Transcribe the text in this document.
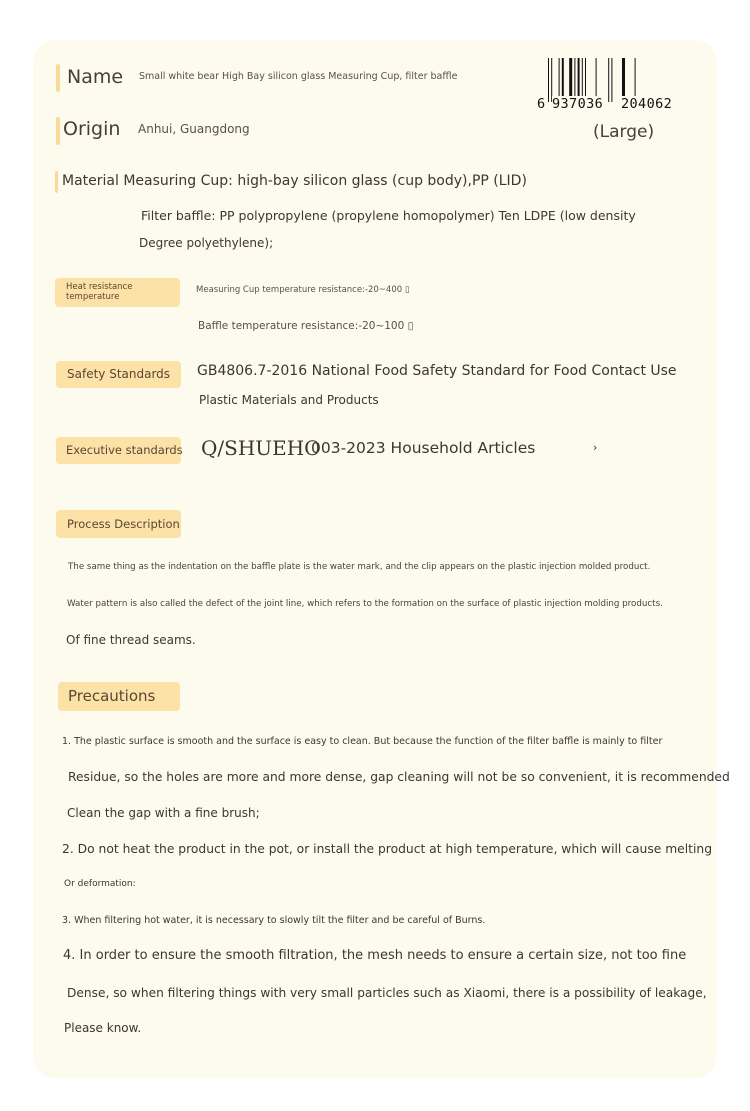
Name Small white bear High Bay silicon glass Measuring Cup, filter baffle
6 937036 204062
(Large)
Origin Anhui, Guangdong
Material Measuring Cup: high-bay silicon glass (cup body),PP (LID)
Filter baffle: PP polypropylene (propylene homopolymer) Ten LDPE (low density
Degree polyethylene);
Heat resistance temperature
Measuring Cup temperature resistance:-20~400 ▯
Baffle temperature resistance:-20~100 ▯
Safety Standards GB4806.7-2016 National Food Safety Standard for Food Contact Use
Plastic Materials and Products
Executive standards Q/SHUEHO
003-2023 Household Articles	›
Process Description
The same thing as the indentation on the baffle plate is the water mark, and the clip appears on the plastic injection molded product.
Water pattern is also called the defect of the joint line, which refers to the formation on the surface of plastic injection molding products.
Of fine thread seams.
Precautions
1. The plastic surface is smooth and the surface is easy to clean. But because the function of the filter baffle is mainly to filter
Residue, so the holes are more and more dense, gap cleaning will not be so convenient, it is recommended
Clean the gap with a fine brush;
2. Do not heat the product in the pot, or install the product at high temperature, which will cause melting
Or deformation:
3. When filtering hot water, it is necessary to slowly tilt the filter and be careful of Burns.
4. In order to ensure the smooth filtration, the mesh needs to ensure a certain size, not too fine
Dense, so when filtering things with very small particles such as Xiaomi, there is a possibility of leakage,
Please know.
